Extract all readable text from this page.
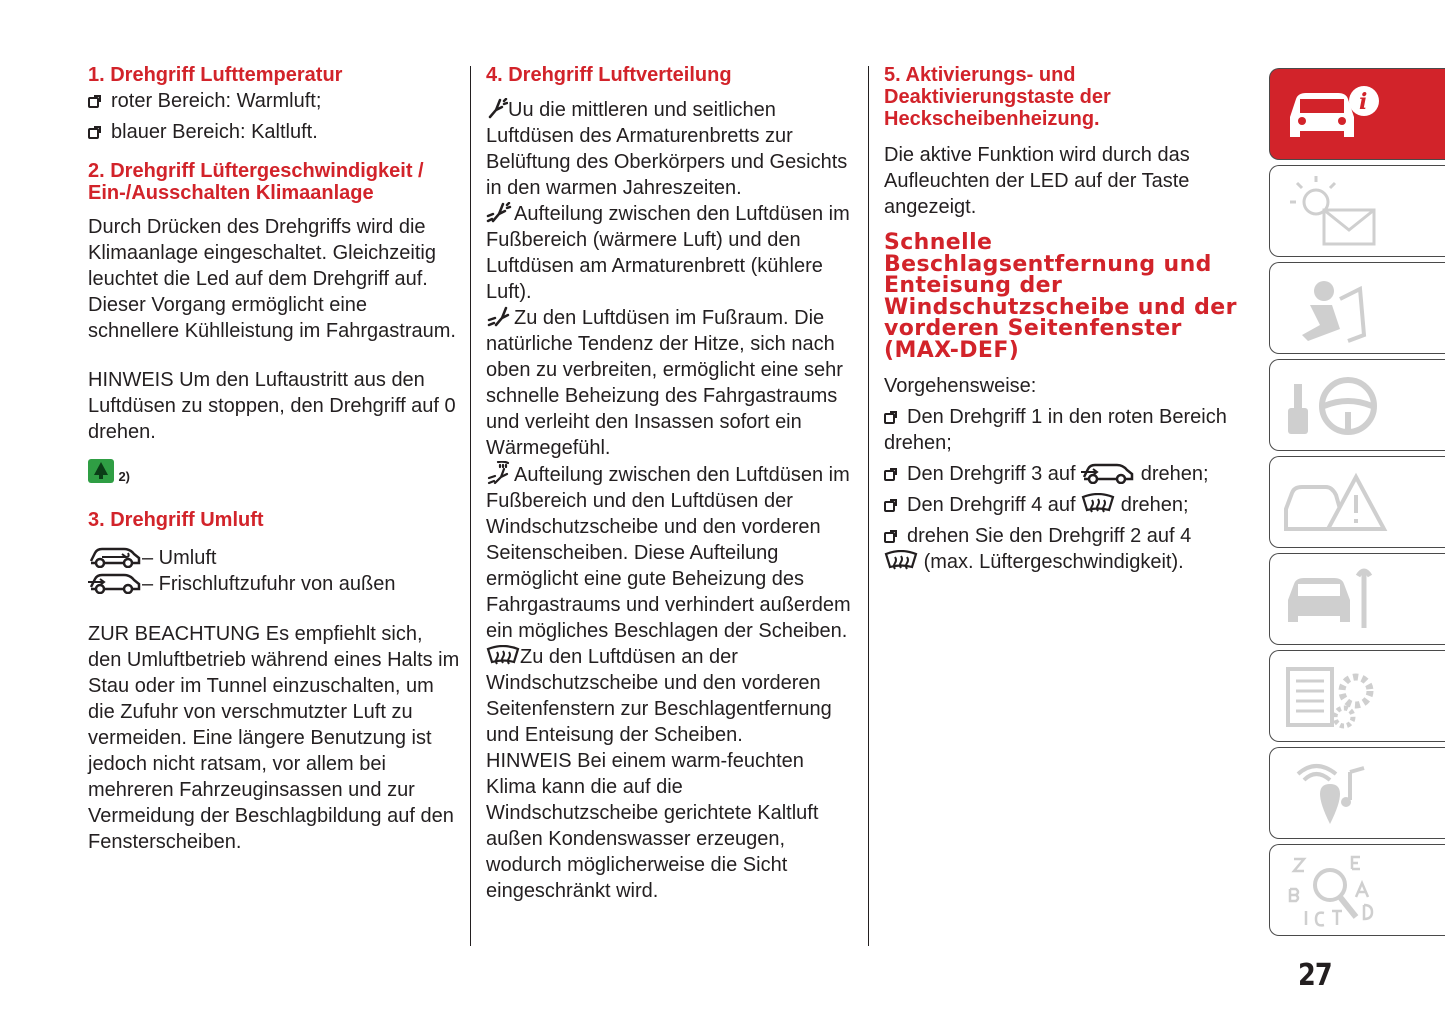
1. Drehgriff Lufttemperatur

roter Bereich: Warmluft;

blauer Bereich: Kaltluft.

2. Drehgriff Lüftergeschwindigkeit / Ein-/Ausschalten Klimaanlage

Durch Drücken des Drehgriffs wird die Klimaanlage eingeschaltet. Gleichzeitig leuchtet die Led auf dem Drehgriff auf. Dieser Vorgang ermöglicht eine schnellere Kühlleistung im Fahrgastraum.

HINWEIS Um den Luftaustritt aus den Luftdüsen zu stoppen, den Drehgriff auf 0 drehen.

2)

3. Drehgriff Umluft

– Umluft

– Frischluftzufuhr von außen

ZUR BEACHTUNG Es empfiehlt sich, den Umluftbetrieb während eines Halts im Stau oder im Tunnel einzuschalten, um die Zufuhr von verschmutzter Luft zu vermeiden. Eine längere Benutzung ist jedoch nicht ratsam, vor allem bei mehreren Fahrzeuginsassen und zur Vermeidung der Beschlagbildung auf den Fensterscheiben.

4. Drehgriff Luftverteilung

Uu die mittleren und seitlichen Luftdüsen des Armaturenbretts zur Belüftung des Oberkörpers und Gesichts in den warmen Jahreszeiten.

Aufteilung zwischen den Luftdüsen im Fußbereich (wärmere Luft) und den Luftdüsen am Armaturenbrett (kühlere Luft).

Zu den Luftdüsen im Fußraum. Die natürliche Tendenz der Hitze, sich nach oben zu verbreiten, ermöglicht eine sehr schnelle Beheizung des Fahrgastraums und verleiht den Insassen sofort ein Wärmegefühl.

Aufteilung zwischen den Luftdüsen im Fußbereich und den Luftdüsen der Windschutzscheibe und den vorderen Seitenscheiben. Diese Aufteilung ermöglicht eine gute Beheizung des Fahrgastraums und verhindert außerdem ein mögliches Beschlagen der Scheiben.

Zu den Luftdüsen an der Windschutzscheibe und den vorderen Seitenfenstern zur Beschlagentfernung und Enteisung der Scheiben.

HINWEIS Bei einem warm-feuchten Klima kann die auf die Windschutzscheibe gerichtete Kaltluft außen Kondenswasser erzeugen, wodurch möglicherweise die Sicht eingeschränkt wird.

5. Aktivierungs- und Deaktivierungstaste der Heckscheibenheizung.

Die aktive Funktion wird durch das Aufleuchten der LED auf der Taste angezeigt.

Schnelle Beschlagsentfernung und Enteisung der Windschutzscheibe und der vorderen Seitenfenster (MAX-DEF)

Vorgehensweise:

Den Drehgriff 1 in den roten Bereich drehen;

Den Drehgriff 3 auf	drehen;

Den Drehgriff 4 auf drehen;

drehen Sie den Drehgriff 2 auf 4

(max. Lüftergeschwindigkeit).

i
27
